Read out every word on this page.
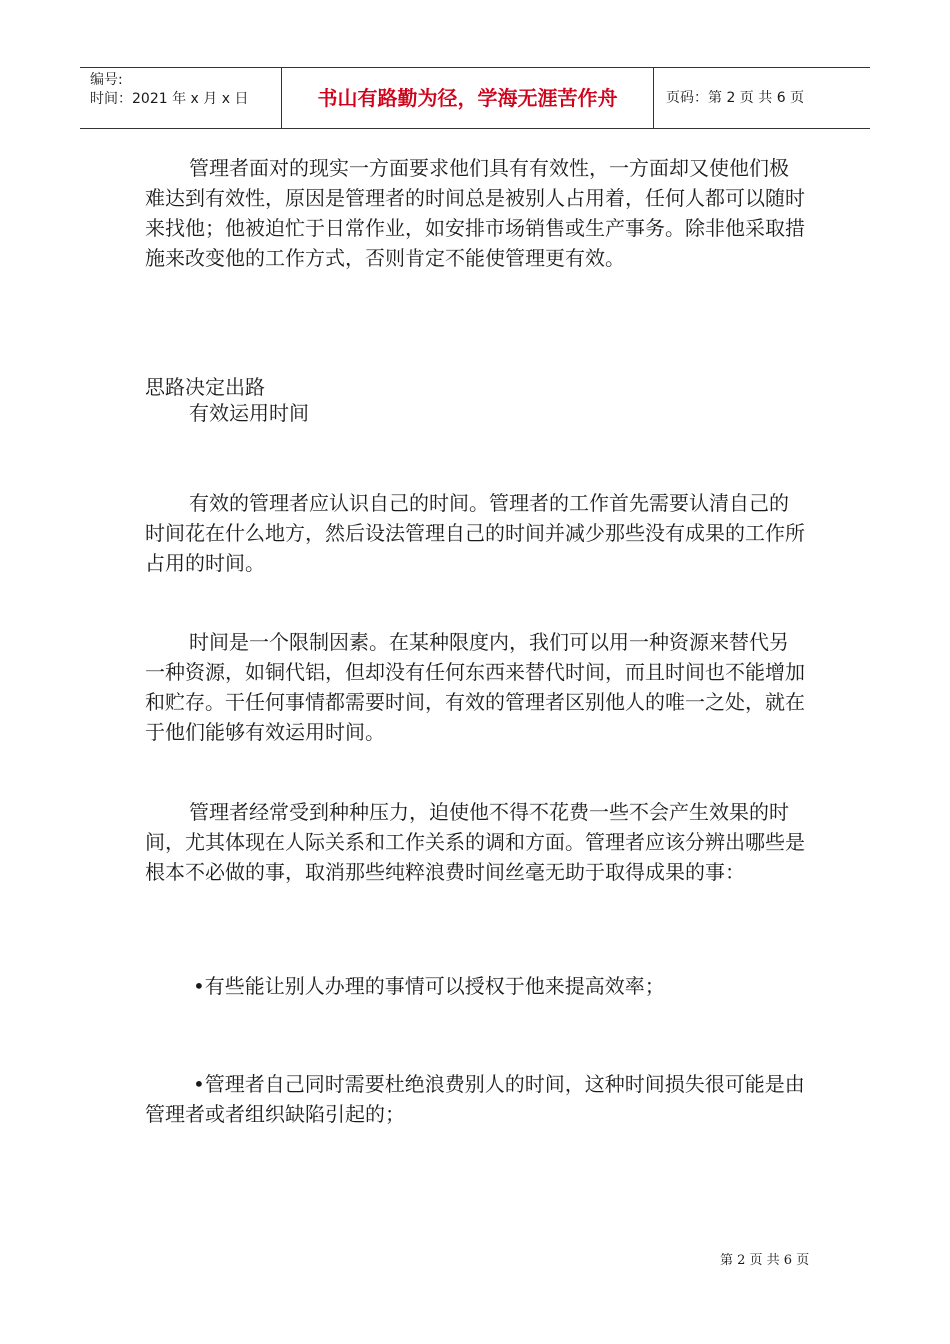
编号:
时间：2021 年 x 月 x 日	书山有路勤为径，学海无涯苦作舟	页码：第 2 页 共 6 页

管理者面对的现实一方面要求他们具有有效性，一方面却又使他们极难达到有效性，原因是管理者的时间总是被别人占用着，任何人都可以随时来找他；他被迫忙于日常作业，如安排市场销售或生产事务。除非他采取措施来改变他的工作方式，否则肯定不能使管理更有效。

思路决定出路

有效运用时间

有效的管理者应认识自己的时间。管理者的工作首先需要认清自己的时间花在什么地方，然后设法管理自己的时间并减少那些没有成果的工作所占用的时间。

时间是一个限制因素。在某种限度内，我们可以用一种资源来替代另一种资源，如铜代铝，但却没有任何东西来替代时间，而且时间也不能增加和贮存。干任何事情都需要时间，有效的管理者区别他人的唯一之处，就在于他们能够有效运用时间。

管理者经常受到种种压力，迫使他不得不花费一些不会产生效果的时间，尤其体现在人际关系和工作关系的调和方面。管理者应该分辨出哪些是根本不必做的事，取消那些纯粹浪费时间丝毫无助于取得成果的事：

•有些能让别人办理的事情可以授权于他来提高效率；

•管理者自己同时需要杜绝浪费别人的时间，这种时间损失很可能是由管理者或者组织缺陷引起的；

第 2 页 共 6 页
